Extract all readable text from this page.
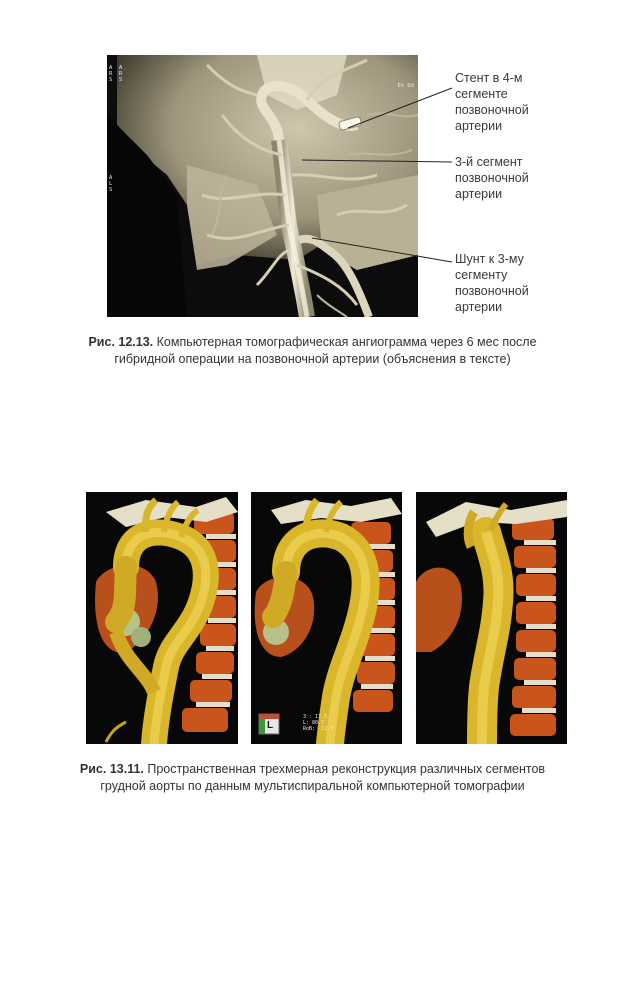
A  A
R  R
S  S
Ex Od
A
L
S
Стент в 4-м
сегменте
позвоночной
артерии
3-й сегмент
позвоночной
артерии
Шунт к 3-му
сегменту
позвоночной
артерии
Рис. 12.13. Компьютерная томографическая ангиограмма через 6 мес после
гибридной операции на позвоночной артерии (объяснения в тексте)
L
3 : 17.5
L: 80.7
RoB: -12.5
Рис. 13.11. Пространственная трехмерная реконструкция различных сегментов
грудной аорты по данным мультиспиральной компьютерной томографии
